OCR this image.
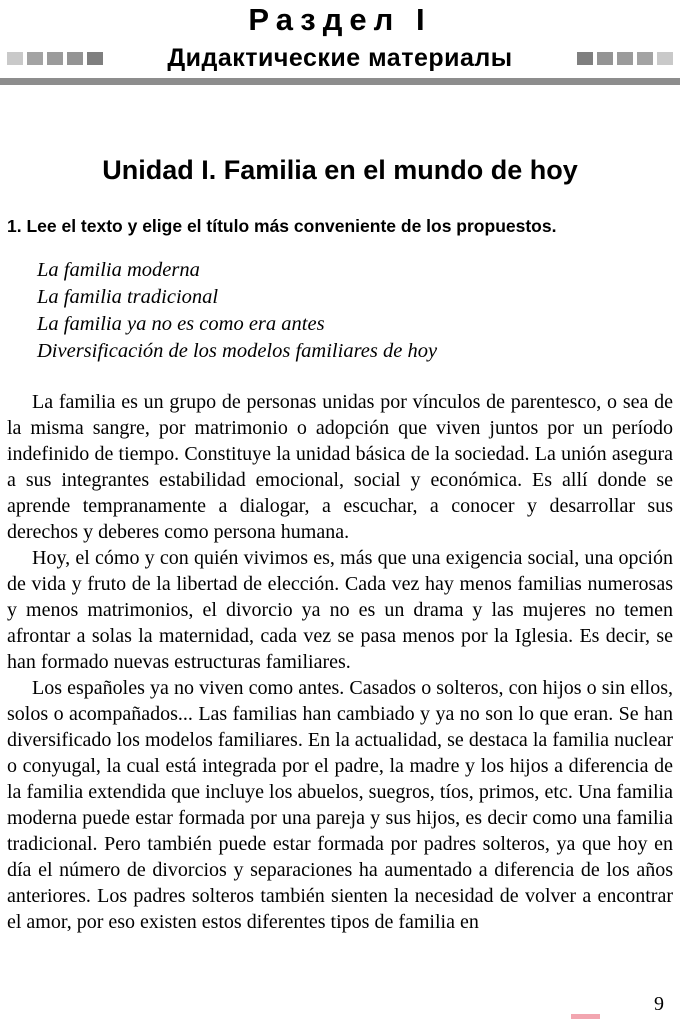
Раздел I
Дидактические материалы
Unidad I. Familia en el mundo de hoy
1. Lee el texto y elige el título más conveniente de los propuestos.
La familia moderna
La familia tradicional
La familia ya no es como era antes
Diversificación de los modelos familiares de hoy

La familia es un grupo de personas unidas por vínculos de parentesco, o sea de la misma sangre, por matrimonio o adopción que viven juntos por un período indefinido de tiempo. Constituye la unidad básica de la sociedad. La unión asegura a sus integrantes estabilidad emocional, social y económica. Es allí donde se aprende tempranamente a dialogar, a escuchar, a conocer y desarrollar sus derechos y deberes como persona humana.

Hoy, el cómo y con quién vivimos es, más que una exigencia social, una opción de vida y fruto de la libertad de elección. Cada vez hay menos familias numerosas y menos matrimonios, el divorcio ya no es un drama y las mujeres no temen afrontar a solas la maternidad, cada vez se pasa menos por la Iglesia. Es decir, se han formado nuevas estructuras familiares.

Los españoles ya no viven como antes. Casados o solteros, con hijos o sin ellos, solos o acompañados... Las familias han cambiado y ya no son lo que eran. Se han diversificado los modelos familiares. En la actualidad, se destaca la familia nuclear o conyugal, la cual está integrada por el padre, la madre y los hijos a diferencia de la familia extendida que incluye los abuelos, suegros, tíos, primos, etc. Una familia moderna puede estar formada por una pareja y sus hijos, es decir como una familia tradicional. Pero también puede estar formada por padres solteros, ya que hoy en día el número de divorcios y separaciones ha aumentado a diferencia de los años anteriores. Los padres solteros también sienten la necesidad de volver a encontrar el amor, por eso existen estos diferentes tipos de familia en

9
